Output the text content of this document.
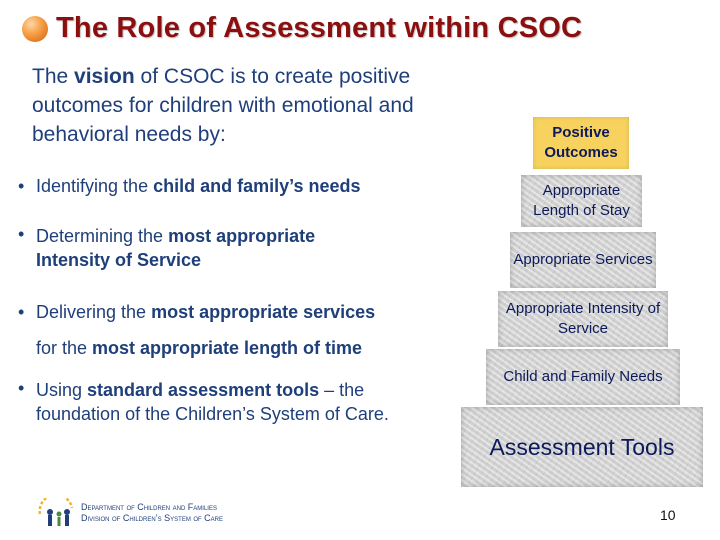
The Role of Assessment within CSOC
The vision of CSOC is to create positive outcomes for children with emotional and behavioral needs by:
• Identifying the child and family’s needs
• Determining the most appropriate Intensity of Service
• Delivering the most appropriate services
for the most appropriate length of time
• Using standard assessment tools – the foundation of the Children’s System of Care.
Positive Outcomes
Appropriate Length of Stay
Appropriate Services
Appropriate Intensity of Service
Child and Family Needs
Assessment Tools
Department of Children and Families
Division of Children’s System of Care	10
